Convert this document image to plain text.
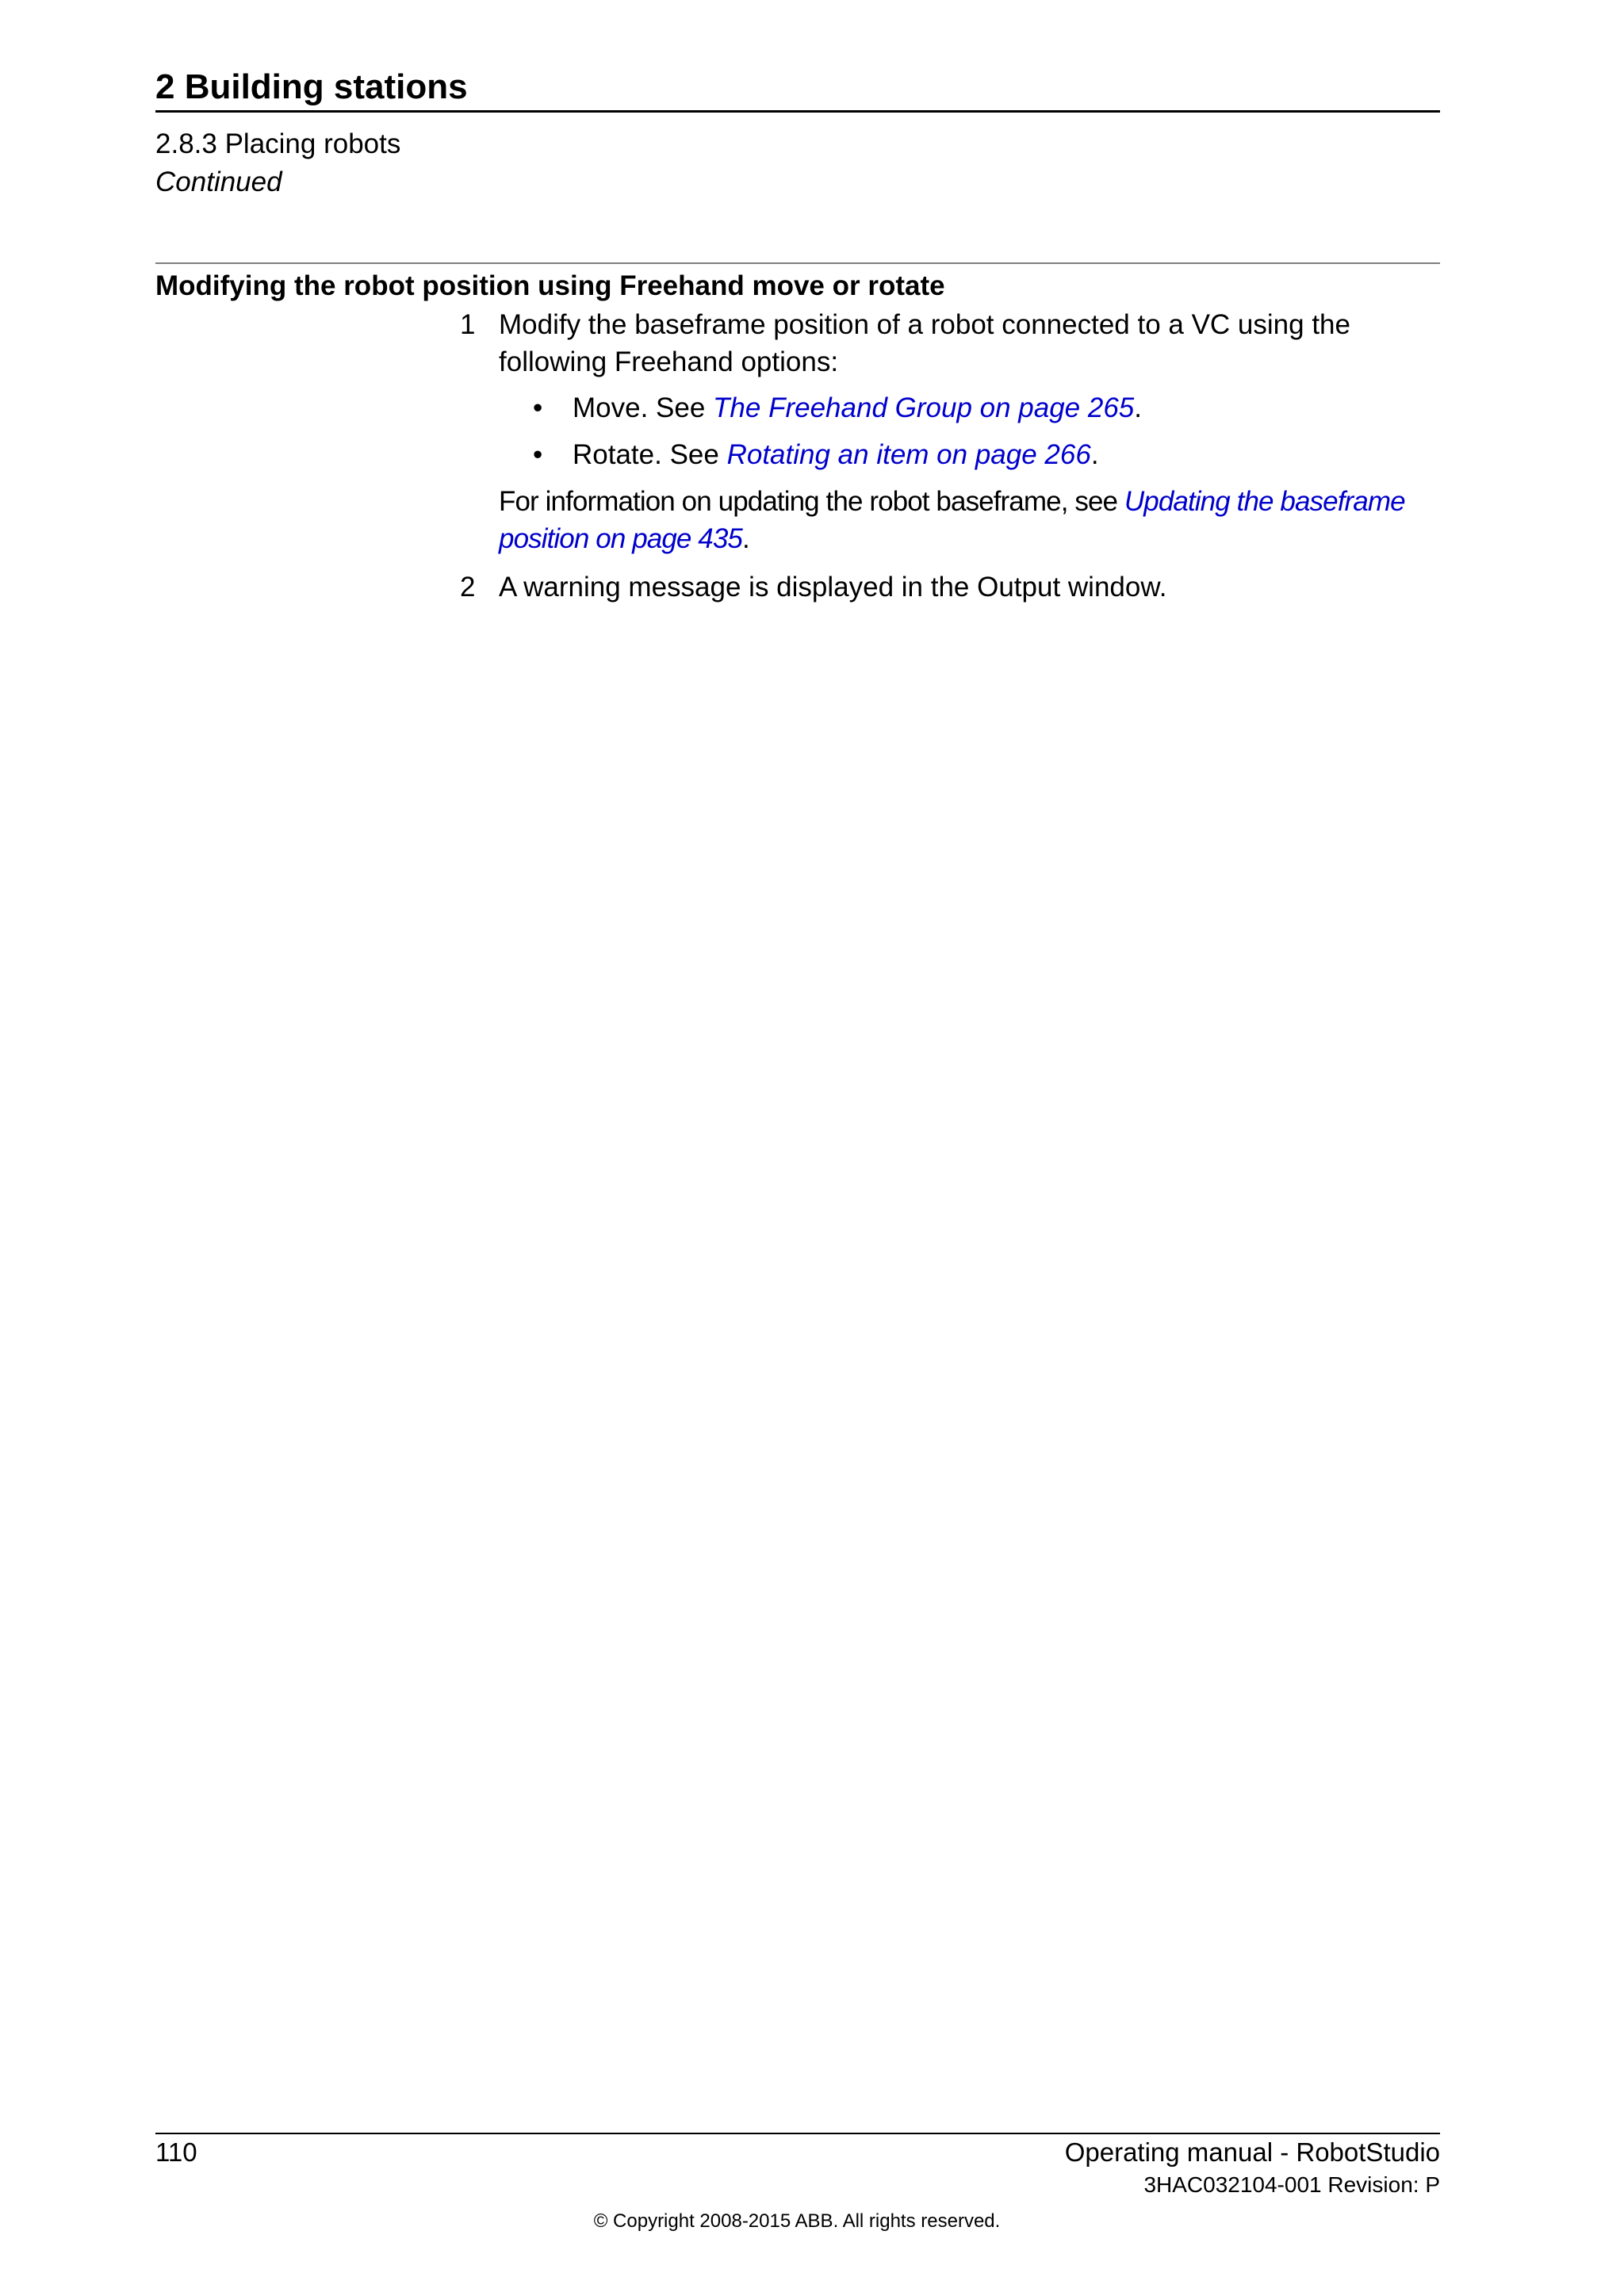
2 Building stations
2.8.3 Placing robots
Continued
Modifying the robot position using Freehand move or rotate
1 Modify the baseframe position of a robot connected to a VC using the following Freehand options:
• Move. See The Freehand Group on page 265.
• Rotate. See Rotating an item on page 266.
For information on updating the robot baseframe, see Updating the baseframe position on page 435.
2 A warning message is displayed in the Output window.
110	Operating manual - RobotStudio
3HAC032104-001 Revision: P
© Copyright 2008-2015 ABB. All rights reserved.
